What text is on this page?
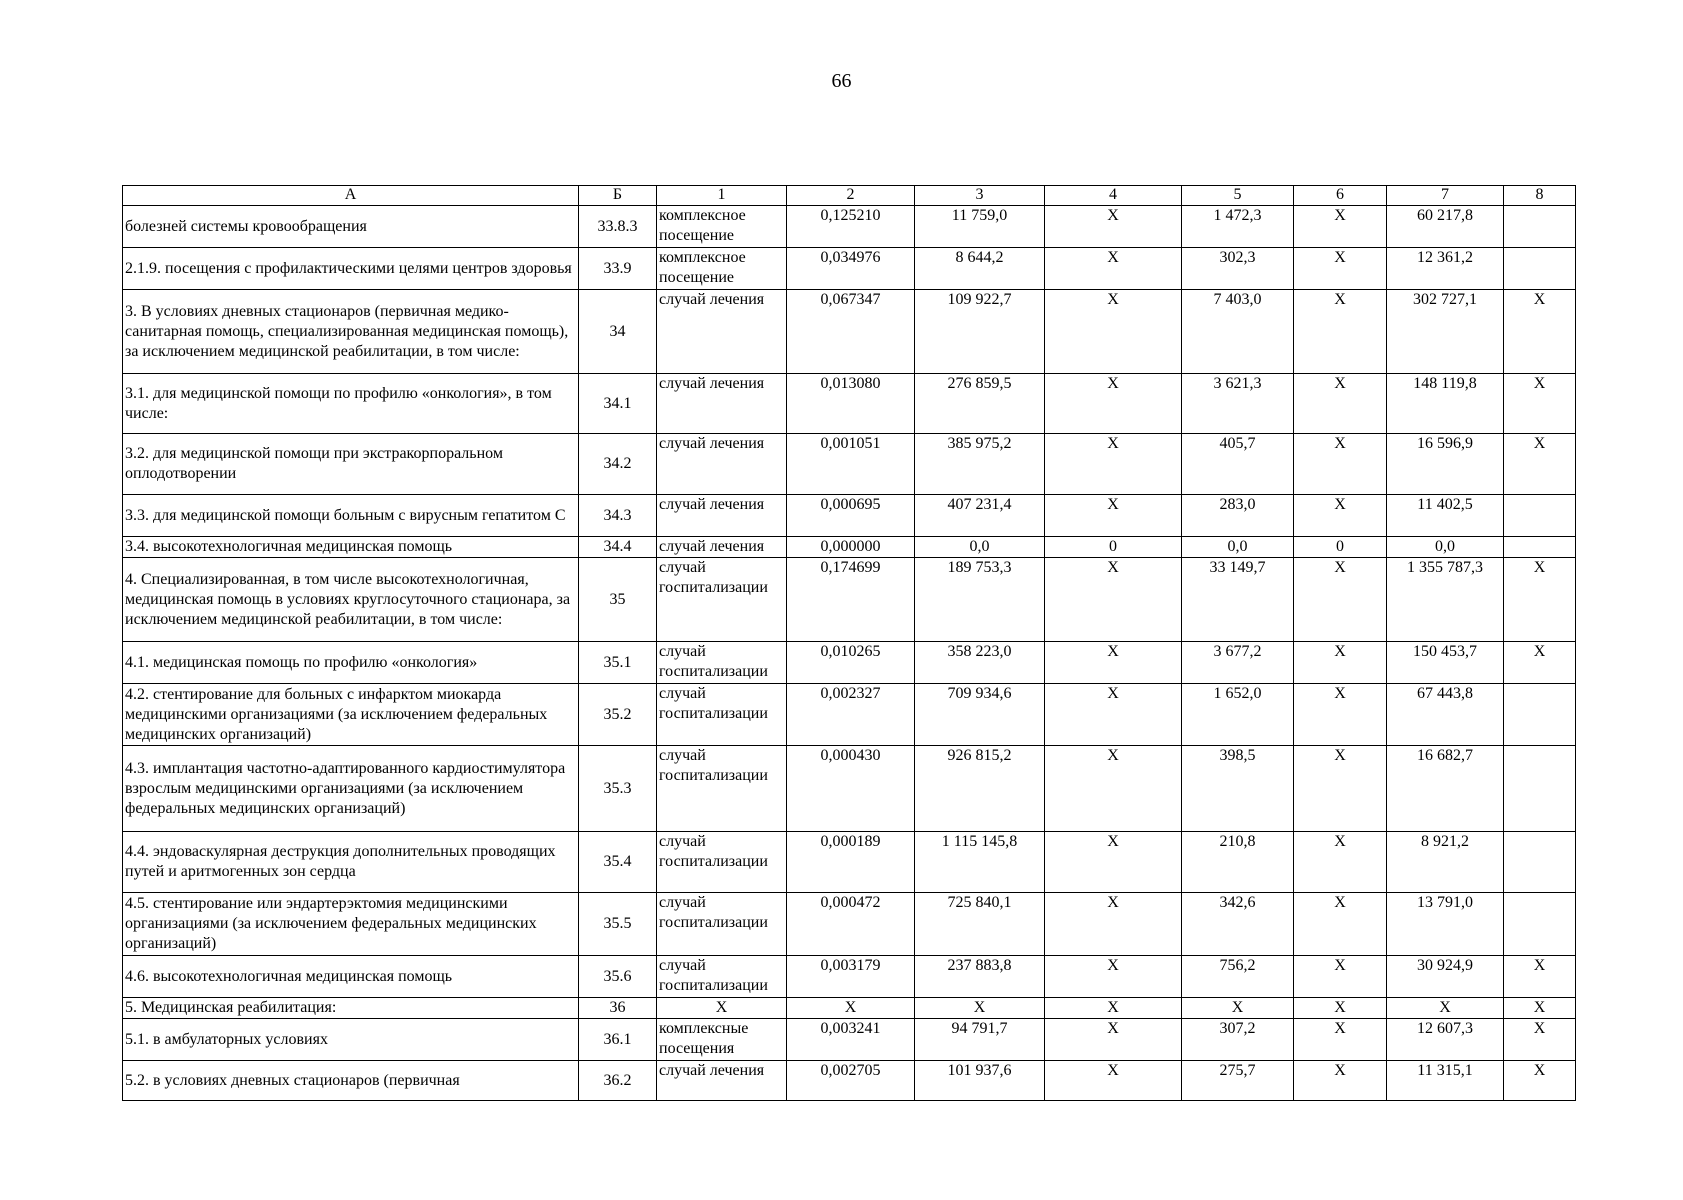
66
А	Б	1	2	3	4	5	6	7	8
болезней системы кровообращения	33.8.3	комплексное посещение	0,125210	11 759,0	X	1 472,3	X	60 217,8	
2.1.9. посещения с профилактическими целями центров здоровья	33.9	комплексное посещение	0,034976	8 644,2	X	302,3	X	12 361,2	
3. В условиях дневных стационаров (первичная медико-санитарная помощь, специализированная медицинская помощь), за исключением медицинской реабилитации, в том числе:	34	случай лечения	0,067347	109 922,7	X	7 403,0	X	302 727,1	X
3.1. для медицинской помощи по профилю «онкология», в том числе:	34.1	случай лечения	0,013080	276 859,5	X	3 621,3	X	148 119,8	X
3.2. для медицинской помощи при экстракорпоральном оплодотворении	34.2	случай лечения	0,001051	385 975,2	X	405,7	X	16 596,9	X
3.3. для медицинской помощи больным с вирусным гепатитом С	34.3	случай лечения	0,000695	407 231,4	X	283,0	X	11 402,5	
3.4. высокотехнологичная медицинская помощь	34.4	случай лечения	0,000000	0,0	0	0,0	0	0,0	
4. Специализированная, в том числе высокотехнологичная, медицинская помощь в условиях круглосуточного стационара, за исключением медицинской реабилитации, в том числе:	35	случай госпитализации	0,174699	189 753,3	X	33 149,7	X	1 355 787,3	X
4.1. медицинская помощь по профилю «онкология»	35.1	случай госпитализации	0,010265	358 223,0	X	3 677,2	X	150 453,7	X
4.2. стентирование для больных с инфарктом миокарда медицинскими организациями (за исключением федеральных медицинских организаций)	35.2	случай госпитализации	0,002327	709 934,6	X	1 652,0	X	67 443,8	
4.3. имплантация частотно-адаптированного кардиостимулятора взрослым медицинскими организациями (за исключением федеральных медицинских организаций)	35.3	случай госпитализации	0,000430	926 815,2	X	398,5	X	16 682,7	
4.4. эндоваскулярная деструкция дополнительных проводящих путей и аритмогенных зон сердца	35.4	случай госпитализации	0,000189	1 115 145,8	X	210,8	X	8 921,2	
4.5. стентирование или эндартерэктомия медицинскими организациями (за исключением федеральных медицинских организаций)	35.5	случай госпитализации	0,000472	725 840,1	X	342,6	X	13 791,0	
4.6. высокотехнологичная медицинская помощь	35.6	случай госпитализации	0,003179	237 883,8	X	756,2	X	30 924,9	X
5. Медицинская реабилитация:	36	X	X	X	X	X	X	X	X
5.1. в амбулаторных условиях	36.1	комплексные посещения	0,003241	94 791,7	X	307,2	X	12 607,3	X
5.2. в условиях дневных стационаров (первичная	36.2	случай лечения	0,002705	101 937,6	X	275,7	X	11 315,1	X
